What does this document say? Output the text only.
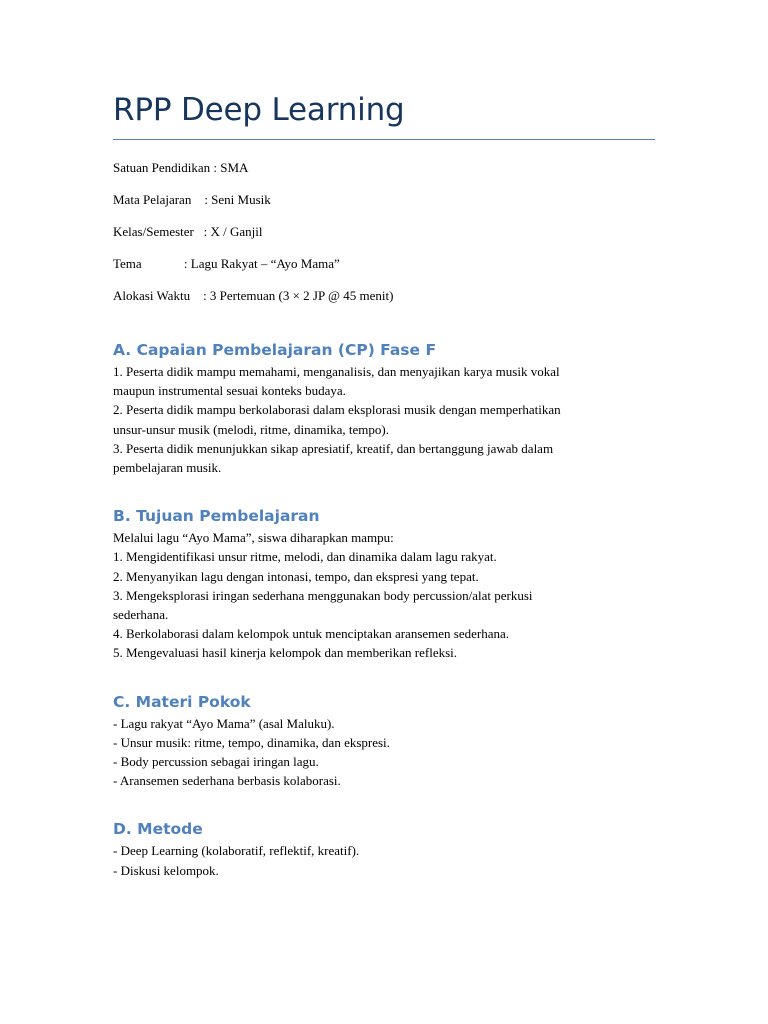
RPP Deep Learning
Satuan Pendidikan : SMA
Mata Pelajaran    : Seni Musik
Kelas/Semester   : X / Ganjil
Tema             : Lagu Rakyat – “Ayo Mama”
Alokasi Waktu    : 3 Pertemuan (3 × 2 JP @ 45 menit)
A. Capaian Pembelajaran (CP) Fase F
1. Peserta didik mampu memahami, menganalisis, dan menyajikan karya musik vokal
maupun instrumental sesuai konteks budaya.
2. Peserta didik mampu berkolaborasi dalam eksplorasi musik dengan memperhatikan
unsur-unsur musik (melodi, ritme, dinamika, tempo).
3. Peserta didik menunjukkan sikap apresiatif, kreatif, dan bertanggung jawab dalam
pembelajaran musik.
B. Tujuan Pembelajaran
Melalui lagu “Ayo Mama”, siswa diharapkan mampu:
1. Mengidentifikasi unsur ritme, melodi, dan dinamika dalam lagu rakyat.
2. Menyanyikan lagu dengan intonasi, tempo, dan ekspresi yang tepat.
3. Mengeksplorasi iringan sederhana menggunakan body percussion/alat perkusi
sederhana.
4. Berkolaborasi dalam kelompok untuk menciptakan aransemen sederhana.
5. Mengevaluasi hasil kinerja kelompok dan memberikan refleksi.
C. Materi Pokok
- Lagu rakyat “Ayo Mama” (asal Maluku).
- Unsur musik: ritme, tempo, dinamika, dan ekspresi.
- Body percussion sebagai iringan lagu.
- Aransemen sederhana berbasis kolaborasi.
D. Metode
- Deep Learning (kolaboratif, reflektif, kreatif).
- Diskusi kelompok.
